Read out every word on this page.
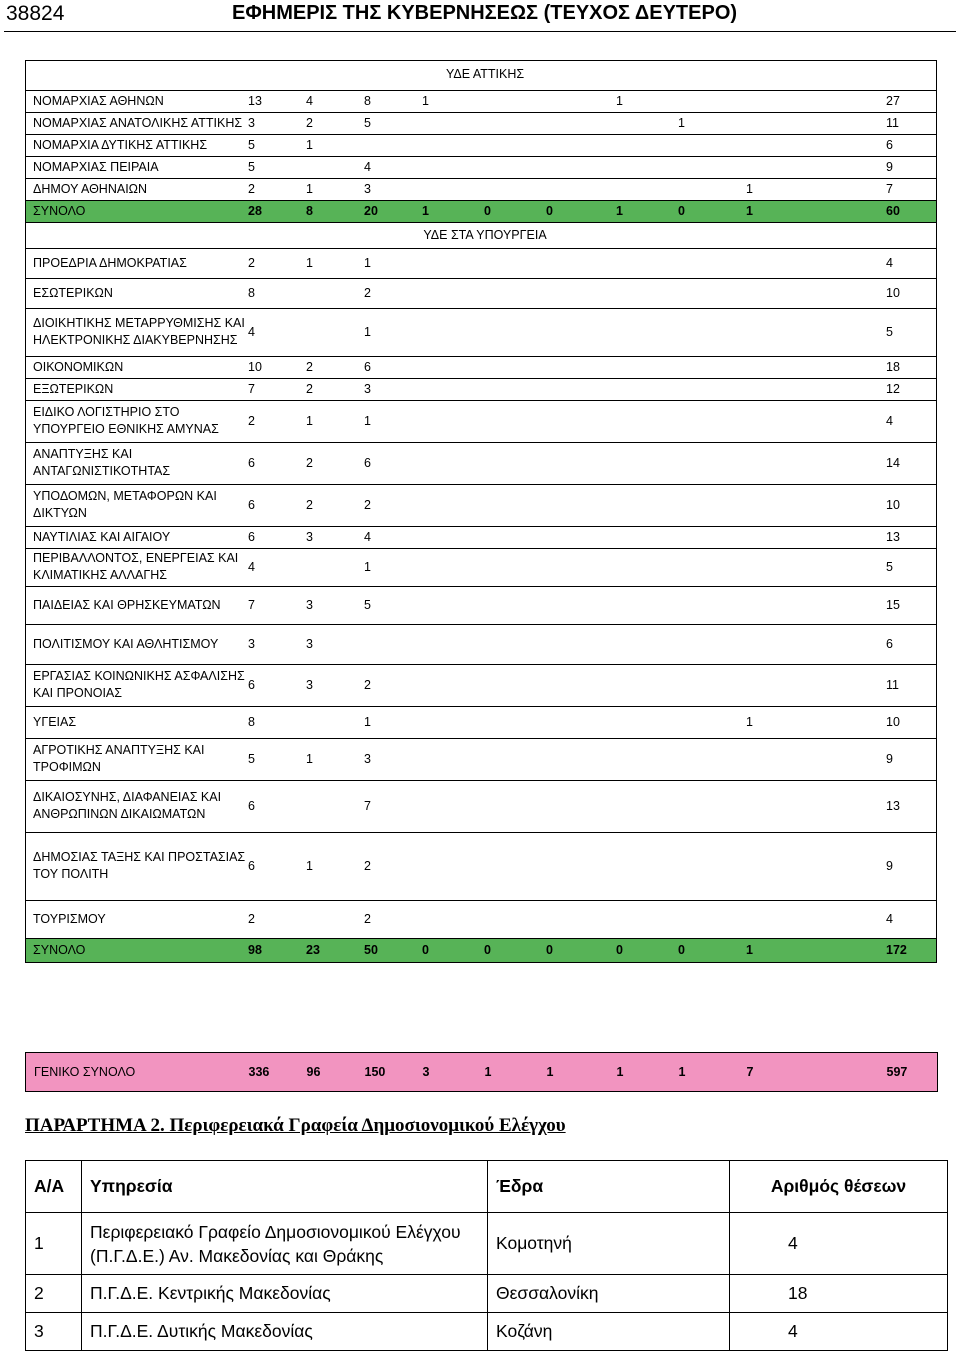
38824	ΕΦΗΜΕΡΙΣ ΤΗΣ ΚΥΒΕΡΝΗΣΕΩΣ (ΤΕΥΧΟΣ ΔΕΥΤΕΡΟ)
ΥΔΕ ΑΤΤΙΚΗΣ											
ΝΟΜΑΡΧΙΑΣ ΑΘΗΝΩΝ	13	4	8	1			1				27
ΝΟΜΑΡΧΙΑΣ ΑΝΑΤΟΛΙΚΗΣ ΑΤΤΙΚΗΣ	3	2	5					1			11
ΝΟΜΑΡΧΙΑ ΔΥΤΙΚΗΣ ΑΤΤΙΚΗΣ	5	1									6
ΝΟΜΑΡΧΙΑΣ ΠΕΙΡΑΙΑ	5		4								9
ΔΗΜΟΥ ΑΘΗΝΑΙΩΝ	2	1	3						1		7
ΣΥΝΟΛΟ	28	8	20	1	0	0	1	0	1		60
ΥΔΕ ΣΤΑ ΥΠΟΥΡΓΕΙΑ											
ΠΡΟΕΔΡΙΑ ΔΗΜΟΚΡΑΤΙΑΣ	2	1	1								4
ΕΣΩΤΕΡΙΚΩΝ	8		2								10
ΔΙΟΙΚΗΤΙΚΗΣ ΜΕΤΑΡΡΥΘΜΙΣΗΣ ΚΑΙ ΗΛΕΚΤΡΟΝΙΚΗΣ ΔΙΑΚΥΒΕΡΝΗΣΗΣ	4		1								5
ΟΙΚΟΝΟΜΙΚΩΝ	10	2	6								18
ΕΞΩΤΕΡΙΚΩΝ	7	2	3								12
ΕΙΔΙΚΟ ΛΟΓΙΣΤΗΡΙΟ ΣΤΟ ΥΠΟΥΡΓΕΙΟ ΕΘΝΙΚΗΣ ΑΜΥΝΑΣ	2	1	1								4
ΑΝΑΠΤΥΞΗΣ ΚΑΙ ΑΝΤΑΓΩΝΙΣΤΙΚΟΤΗΤΑΣ	6	2	6								14
ΥΠΟΔΟΜΩΝ, ΜΕΤΑΦΟΡΩΝ ΚΑΙ ΔΙΚΤΥΩΝ	6	2	2								10
ΝΑΥΤΙΛΙΑΣ ΚΑΙ ΑΙΓΑΙΟΥ	6	3	4								13
ΠΕΡΙΒΑΛΛΟΝΤΟΣ, ΕΝΕΡΓΕΙΑΣ ΚΑΙ ΚΛΙΜΑΤΙΚΗΣ ΑΛΛΑΓΗΣ	4		1								5
ΠΑΙΔΕΙΑΣ ΚΑΙ ΘΡΗΣΚΕΥΜΑΤΩΝ	7	3	5								15
ΠΟΛΙΤΙΣΜΟΥ ΚΑΙ ΑΘΛΗΤΙΣΜΟΥ	3	3									6
ΕΡΓΑΣΙΑΣ ΚΟΙΝΩΝΙΚΗΣ ΑΣΦΑΛΙΣΗΣ ΚΑΙ ΠΡΟΝΟΙΑΣ	6	3	2								11
ΥΓΕΙΑΣ	8		1						1		10
ΑΓΡΟΤΙΚΗΣ ΑΝΑΠΤΥΞΗΣ ΚΑΙ ΤΡΟΦΙΜΩΝ	5	1	3								9
ΔΙΚΑΙΟΣΥΝΗΣ, ΔΙΑΦΑΝΕΙΑΣ ΚΑΙ ΑΝΘΡΩΠΙΝΩΝ ΔΙΚΑΙΩΜΑΤΩΝ	6		7								13
ΔΗΜΟΣΙΑΣ ΤΑΞΗΣ ΚΑΙ ΠΡΟΣΤΑΣΙΑΣ ΤΟΥ ΠΟΛΙΤΗ	6	1	2								9
ΤΟΥΡΙΣΜΟΥ	2		2								4
ΣΥΝΟΛΟ	98	23	50	0	0	0	0	0	1		172
ΓΕΝΙΚΟ ΣΥΝΟΛΟ	336	96	150	3	1	1	1	1	7		597
ΠΑΡΑΡΤΗΜΑ 2. Περιφερειακά Γραφεία Δημοσιονομικού Ελέγχου
Α/Α	Υπηρεσία	Έδρα	Αριθμός θέσεων
1	Περιφερειακό Γραφείο Δημοσιονομικού Ελέγχου (Π.Γ.Δ.Ε.) Αν. Μακεδονίας και Θράκης	Κομοτηνή	4
2	Π.Γ.Δ.Ε. Κεντρικής Μακεδονίας	Θεσσαλονίκη	18
3	Π.Γ.Δ.Ε. Δυτικής Μακεδονίας	Κοζάνη	4
